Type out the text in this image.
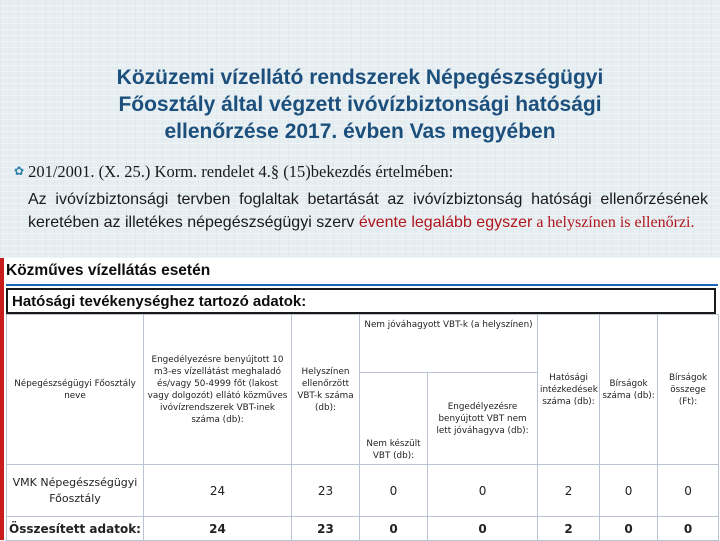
Közüzemi vízellátó rendszerek Népegészségügyi
Főosztály által végzett ivóvízbiztonsági hatósági
ellenőrzése 2017. évben Vas megyében
✿ 201/2001. (X. 25.) Korm. rendelet 4.§ (15)bekezdés értelmében:
Az ivóvízbiztonsági tervben foglaltak betartását az ivóvízbiztonság hatósági ellenőrzésének keretében az illetékes népegészségügyi szerv évente legalább egyszer a helyszínen is ellenőrzi.
Közműves vízellátás esetén
Hatósági tevékenységhez tartozó adatok:
Népegészségügyi Főosztály neve	Engedélyezésre benyújtott 10 m3-es vízellátást meghaladó és/vagy 50-4999 főt (lakost vagy dolgozót) ellátó közműves ivóvízrendszerek VBT-inek száma (db):	Helyszínen ellenőrzött VBT-k száma (db):	Nem jóváhagyott VBT-k (a helyszínen)		Hatósági intézkedések száma (db):	Bírságok száma (db):	Bírságok összege (Ft):
			Nem készült VBT (db):	Engedélyezésre benyújtott VBT nem lett jóváhagyva (db):			
VMK Népegészségügyi Főosztály	24	23	0	0	2	0	0
Összesített adatok:	24	23	0	0	2	0	0
